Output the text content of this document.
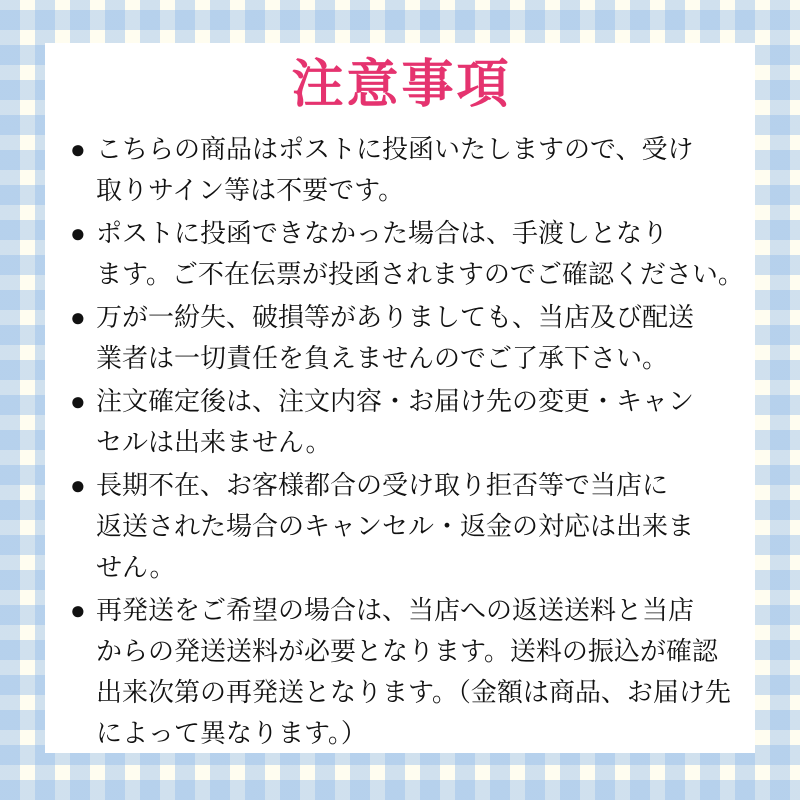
注意事項
● こちらの商品はポストに投函いたしますので、受け
取りサイン等は不要です。
● ポストに投函できなかった場合は、手渡しとなり
ます。ご不在伝票が投函されますのでご確認ください。
● 万が一紛失、破損等がありましても、当店及び配送
業者は一切責任を負えませんのでご了承下さい。
● 注文確定後は、注文内容・お届け先の変更・キャン
セルは出来ません。
● 長期不在、お客様都合の受け取り拒否等で当店に
返送された場合のキャンセル・返金の対応は出来ま
せん。
● 再発送をご希望の場合は、当店への返送送料と当店
からの発送送料が必要となります。送料の振込が確認
出来次第の再発送となります。（金額は商品、お届け先
によって異なります。）
